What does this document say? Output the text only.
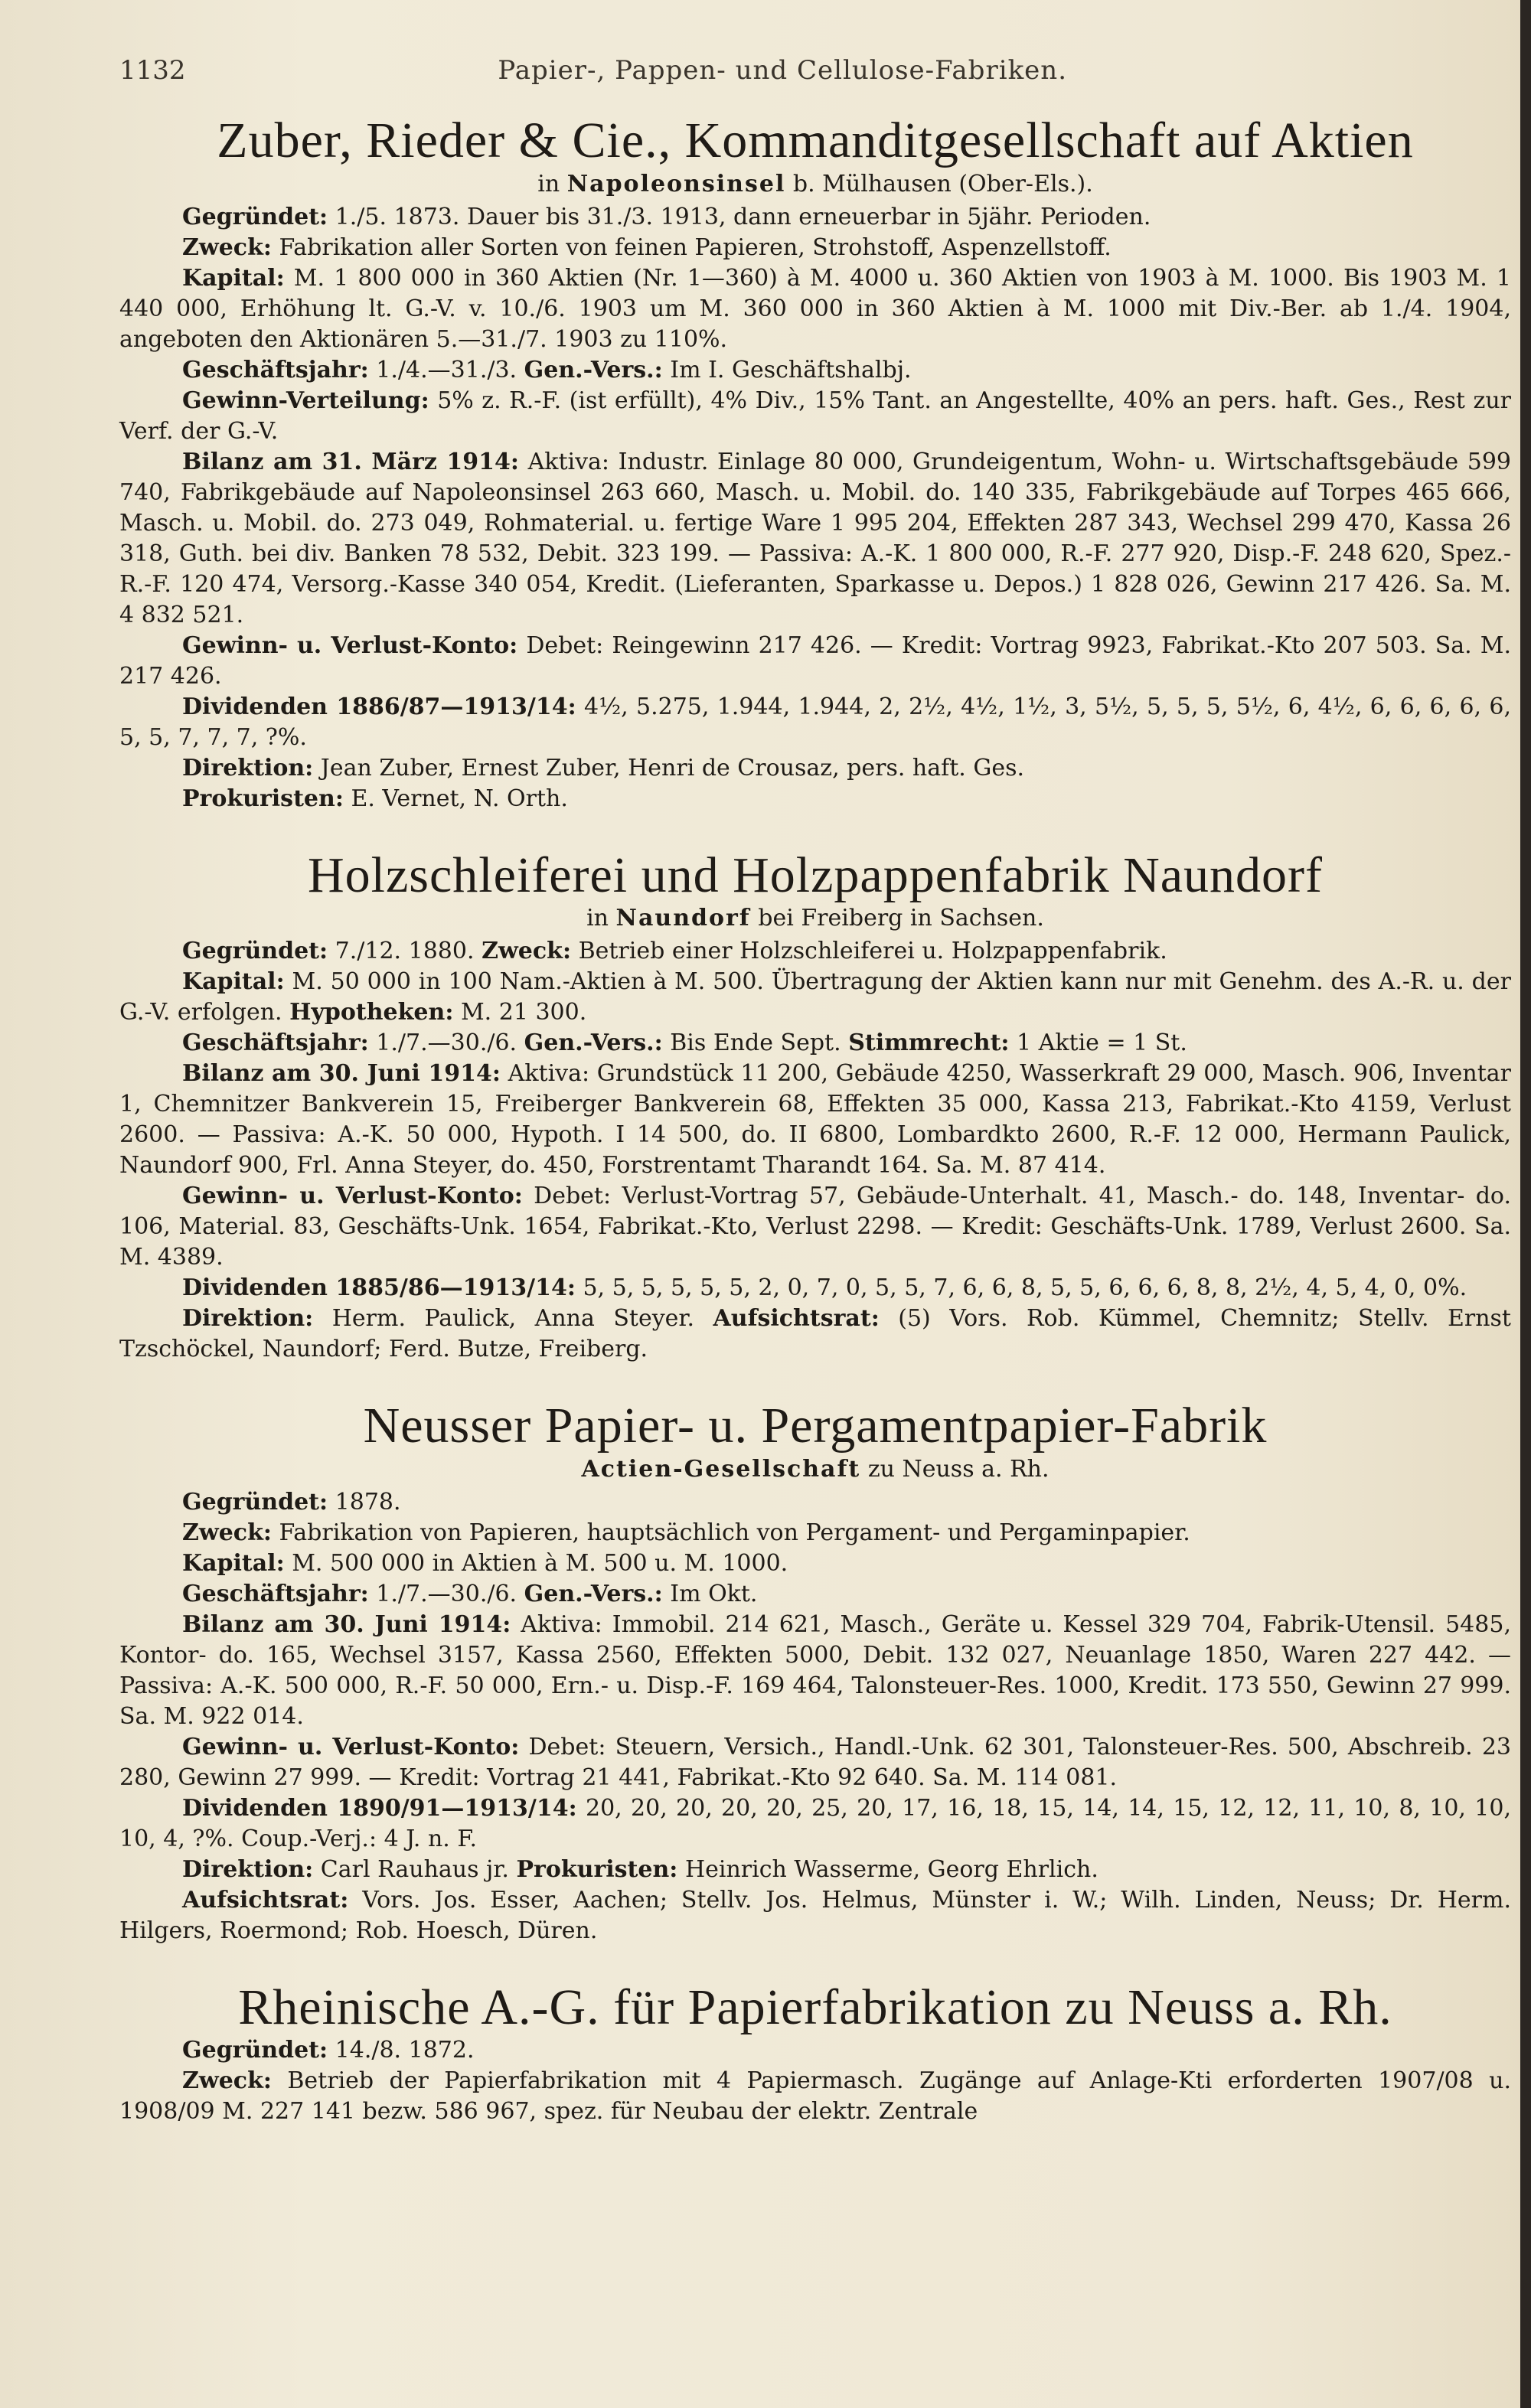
1132	Papier-, Pappen- und Cellulose-Fabriken.
Zuber, Rieder & Cie., Kommanditgesellschaft auf Aktien
in Napoleonsinsel b. Mülhausen (Ober-Els.).

Gegründet: 1./5. 1873. Dauer bis 31./3. 1913, dann erneuerbar in 5jähr. Perioden.

Zweck: Fabrikation aller Sorten von feinen Papieren, Strohstoff, Aspenzellstoff.

Kapital: M. 1 800 000 in 360 Aktien (Nr. 1—360) à M. 4000 u. 360 Aktien von 1903 à M. 1000. Bis 1903 M. 1 440 000, Erhöhung lt. G.-V. v. 10./6. 1903 um M. 360 000 in 360 Aktien à M. 1000 mit Div.-Ber. ab 1./4. 1904, angeboten den Aktionären 5.—31./7. 1903 zu 110%.

Geschäftsjahr: 1./4.—31./3. Gen.-Vers.: Im I. Geschäftshalbj.

Gewinn-Verteilung: 5% z. R.-F. (ist erfüllt), 4% Div., 15% Tant. an Angestellte, 40% an pers. haft. Ges., Rest zur Verf. der G.-V.

Bilanz am 31. März 1914: Aktiva: Industr. Einlage 80 000, Grundeigentum, Wohn- u. Wirtschaftsgebäude 599 740, Fabrikgebäude auf Napoleonsinsel 263 660, Masch. u. Mobil. do. 140 335, Fabrikgebäude auf Torpes 465 666, Masch. u. Mobil. do. 273 049, Rohmaterial. u. fertige Ware 1 995 204, Effekten 287 343, Wechsel 299 470, Kassa 26 318, Guth. bei div. Banken 78 532, Debit. 323 199. — Passiva: A.-K. 1 800 000, R.-F. 277 920, Disp.-F. 248 620, Spez.-R.-F. 120 474, Versorg.-Kasse 340 054, Kredit. (Lieferanten, Sparkasse u. Depos.) 1 828 026, Gewinn 217 426. Sa. M. 4 832 521.

Gewinn- u. Verlust-Konto: Debet: Reingewinn 217 426. — Kredit: Vortrag 9923, Fabrikat.-Kto 207 503. Sa. M. 217 426.

Dividenden 1886/87—1913/14: 4½, 5.275, 1.944, 1.944, 2, 2½, 4½, 1½, 3, 5½, 5, 5, 5, 5½, 6, 4½, 6, 6, 6, 6, 6, 5, 5, 7, 7, 7, ?%.

Direktion: Jean Zuber, Ernest Zuber, Henri de Crousaz, pers. haft. Ges.

Prokuristen: E. Vernet, N. Orth.

Holzschleiferei und Holzpappenfabrik Naundorf
in Naundorf bei Freiberg in Sachsen.

Gegründet: 7./12. 1880. Zweck: Betrieb einer Holzschleiferei u. Holzpappenfabrik.

Kapital: M. 50 000 in 100 Nam.-Aktien à M. 500. Übertragung der Aktien kann nur mit Genehm. des A.-R. u. der G.-V. erfolgen. Hypotheken: M. 21 300.

Geschäftsjahr: 1./7.—30./6. Gen.-Vers.: Bis Ende Sept. Stimmrecht: 1 Aktie = 1 St.

Bilanz am 30. Juni 1914: Aktiva: Grundstück 11 200, Gebäude 4250, Wasserkraft 29 000, Masch. 906, Inventar 1, Chemnitzer Bankverein 15, Freiberger Bankverein 68, Effekten 35 000, Kassa 213, Fabrikat.-Kto 4159, Verlust 2600. — Passiva: A.-K. 50 000, Hypoth. I 14 500, do. II 6800, Lombardkto 2600, R.-F. 12 000, Hermann Paulick, Naundorf 900, Frl. Anna Steyer, do. 450, Forstrentamt Tharandt 164. Sa. M. 87 414.

Gewinn- u. Verlust-Konto: Debet: Verlust-Vortrag 57, Gebäude-Unterhalt. 41, Masch.- do. 148, Inventar- do. 106, Material. 83, Geschäfts-Unk. 1654, Fabrikat.-Kto, Verlust 2298. — Kredit: Geschäfts-Unk. 1789, Verlust 2600. Sa. M. 4389.

Dividenden 1885/86—1913/14: 5, 5, 5, 5, 5, 5, 2, 0, 7, 0, 5, 5, 7, 6, 6, 8, 5, 5, 6, 6, 6, 8, 8, 2½, 4, 5, 4, 0, 0%.

Direktion: Herm. Paulick, Anna Steyer. Aufsichtsrat: (5) Vors. Rob. Kümmel, Chemnitz; Stellv. Ernst Tzschöckel, Naundorf; Ferd. Butze, Freiberg.

Neusser Papier- u. Pergamentpapier-Fabrik
Actien-Gesellschaft zu Neuss a. Rh.

Gegründet: 1878.

Zweck: Fabrikation von Papieren, hauptsächlich von Pergament- und Pergaminpapier.

Kapital: M. 500 000 in Aktien à M. 500 u. M. 1000.

Geschäftsjahr: 1./7.—30./6. Gen.-Vers.: Im Okt.

Bilanz am 30. Juni 1914: Aktiva: Immobil. 214 621, Masch., Geräte u. Kessel 329 704, Fabrik-Utensil. 5485, Kontor- do. 165, Wechsel 3157, Kassa 2560, Effekten 5000, Debit. 132 027, Neuanlage 1850, Waren 227 442. — Passiva: A.-K. 500 000, R.-F. 50 000, Ern.- u. Disp.-F. 169 464, Talonsteuer-Res. 1000, Kredit. 173 550, Gewinn 27 999. Sa. M. 922 014.

Gewinn- u. Verlust-Konto: Debet: Steuern, Versich., Handl.-Unk. 62 301, Talonsteuer-Res. 500, Abschreib. 23 280, Gewinn 27 999. — Kredit: Vortrag 21 441, Fabrikat.-Kto 92 640. Sa. M. 114 081.

Dividenden 1890/91—1913/14: 20, 20, 20, 20, 20, 25, 20, 17, 16, 18, 15, 14, 14, 15, 12, 12, 11, 10, 8, 10, 10, 10, 4, ?%. Coup.-Verj.: 4 J. n. F.

Direktion: Carl Rauhaus jr. Prokuristen: Heinrich Wasserme, Georg Ehrlich.

Aufsichtsrat: Vors. Jos. Esser, Aachen; Stellv. Jos. Helmus, Münster i. W.; Wilh. Linden, Neuss; Dr. Herm. Hilgers, Roermond; Rob. Hoesch, Düren.

Rheinische A.-G. für Papierfabrikation zu Neuss a. Rh.

Gegründet: 14./8. 1872.

Zweck: Betrieb der Papierfabrikation mit 4 Papiermasch. Zugänge auf Anlage-Kti erforderten 1907/08 u. 1908/09 M. 227 141 bezw. 586 967, spez. für Neubau der elektr. Zentrale
